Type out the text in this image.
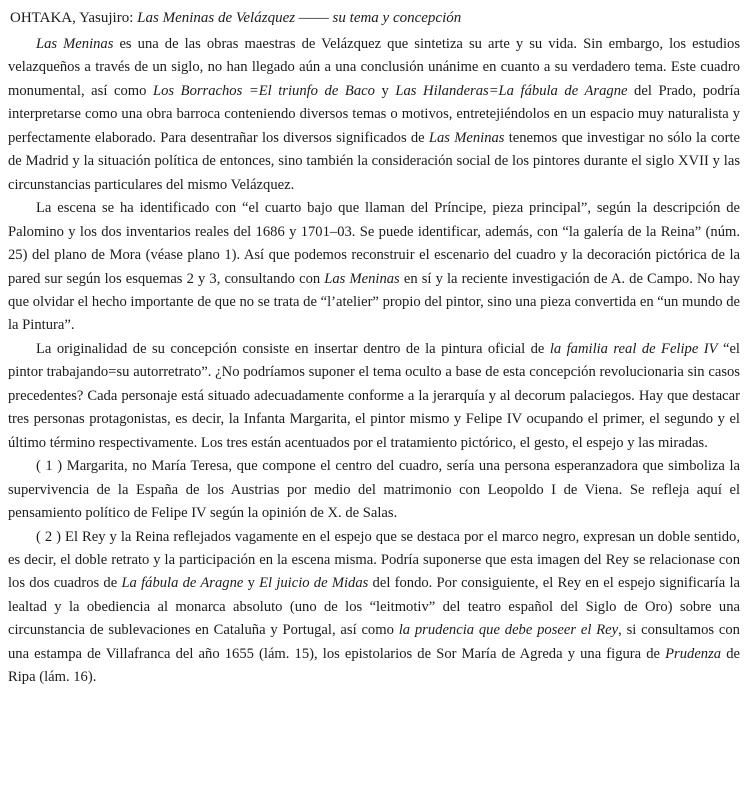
OHTAKA, Yasujiro: Las Meninas de Velázquez ―― su tema y concepción

Las Meninas es una de las obras maestras de Velázquez que sintetiza su arte y su vida. Sin embargo, los estudios velazqueños a través de un siglo, no han llegado aún a una conclusión unánime en cuanto a su verdadero tema. Este cuadro monumental, así como Los Borrachos =El triunfo de Baco y Las Hilanderas=La fábula de Aragne del Prado, podría interpretarse como una obra barroca conteniendo diversos temas o motivos, entretejiéndolos en un espacio muy naturalista y perfectamente elaborado. Para desentrañar los diversos significados de Las Meninas tenemos que investigar no sólo la corte de Madrid y la situación política de entonces, sino también la consideración social de los pintores durante el siglo XVII y las circunstancias particulares del mismo Velázquez.

La escena se ha identificado con “el cuarto bajo que llaman del Príncipe, pieza principal”, según la descripción de Palomino y los dos inventarios reales del 1686 y 1701–03. Se puede identificar, además, con “la galería de la Reina” (núm. 25) del plano de Mora (véase plano 1). Así que podemos reconstruir el escenario del cuadro y la decoración pictórica de la pared sur según los esquemas 2 y 3, consultando con Las Meninas en sí y la reciente investigación de A. de Campo. No hay que olvidar el hecho importante de que no se trata de “l’atelier” propio del pintor, sino una pieza convertida en “un mundo de la Pintura”.

La originalidad de su concepción consiste en insertar dentro de la pintura oficial de la familia real de Felipe IV “el pintor trabajando=su autorretrato”. ¿No podríamos suponer el tema oculto a base de esta concepción revolucionaria sin casos precedentes? Cada personaje está situado adecuadamente conforme a la jerarquía y al decorum palaciegos. Hay que destacar tres personas protagonistas, es decir, la Infanta Margarita, el pintor mismo y Felipe IV ocupando el primer, el segundo y el último término respectivamente. Los tres están acentuados por el tratamiento pictórico, el gesto, el espejo y las miradas.

( 1 ) Margarita, no María Teresa, que compone el centro del cuadro, sería una persona esperanzadora que simboliza la supervivencia de la España de los Austrias por medio del matrimonio con Leopoldo I de Viena. Se refleja aquí el pensamiento político de Felipe IV según la opinión de X. de Salas.

( 2 ) El Rey y la Reina reflejados vagamente en el espejo que se destaca por el marco negro, expresan un doble sentido, es decir, el doble retrato y la participación en la escena misma. Podría suponerse que esta imagen del Rey se relacionase con los dos cuadros de La fábula de Aragne y El juicio de Midas del fondo. Por consiguiente, el Rey en el espejo significaría la lealtad y la obediencia al monarca absoluto (uno de los “leitmotiv” del teatro español del Siglo de Oro) sobre una circunstancia de sublevaciones en Cataluña y Portugal, así como la prudencia que debe poseer el Rey, si consultamos con una estampa de Villafranca del año 1655 (lám. 15), los epistolarios de Sor María de Agreda y una figura de Prudenza de Ripa (lám. 16).
